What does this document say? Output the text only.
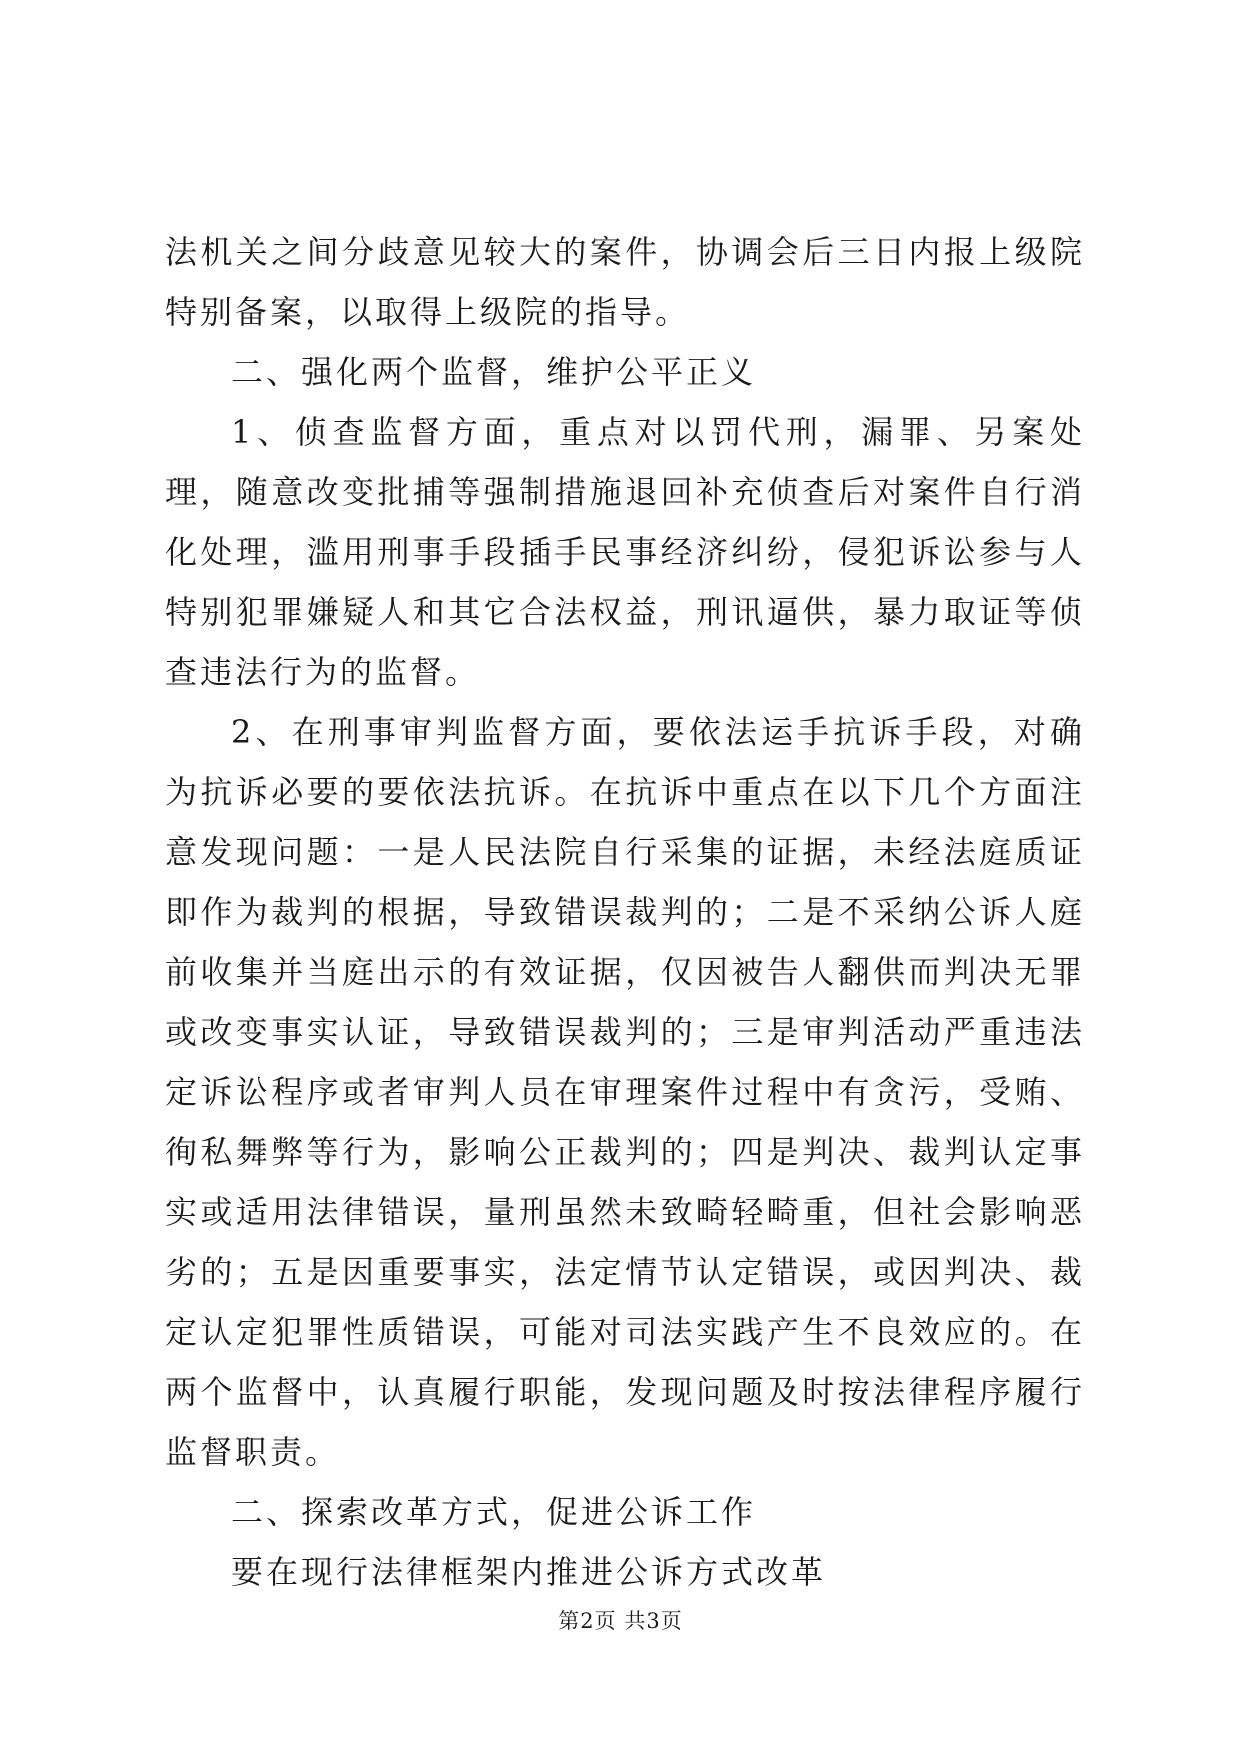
法机关之间分歧意见较大的案件，协调会后三日内报上级院特别备案，以取得上级院的指导。

二、强化两个监督，维护公平正义

1、侦查监督方面，重点对以罚代刑，漏罪、另案处理，随意改变批捕等强制措施退回补充侦查后对案件自行消化处理，滥用刑事手段插手民事经济纠纷，侵犯诉讼参与人特别犯罪嫌疑人和其它合法权益，刑讯逼供，暴力取证等侦查违法行为的监督。

2、在刑事审判监督方面，要依法运手抗诉手段，对确为抗诉必要的要依法抗诉。在抗诉中重点在以下几个方面注意发现问题：一是人民法院自行采集的证据，未经法庭质证即作为裁判的根据，导致错误裁判的；二是不采纳公诉人庭前收集并当庭出示的有效证据，仅因被告人翻供而判决无罪或改变事实认证，导致错误裁判的；三是审判活动严重违法定诉讼程序或者审判人员在审理案件过程中有贪污，受贿、徇私舞弊等行为，影响公正裁判的；四是判决、裁判认定事实或适用法律错误，量刑虽然未致畸轻畸重，但社会影响恶劣的；五是因重要事实，法定情节认定错误，或因判决、裁定认定犯罪性质错误，可能对司法实践产生不良效应的。在两个监督中，认真履行职能，发现问题及时按法律程序履行监督职责。

二、探索改革方式，促进公诉工作

要在现行法律框架内推进公诉方式改革

第2页 共3页
